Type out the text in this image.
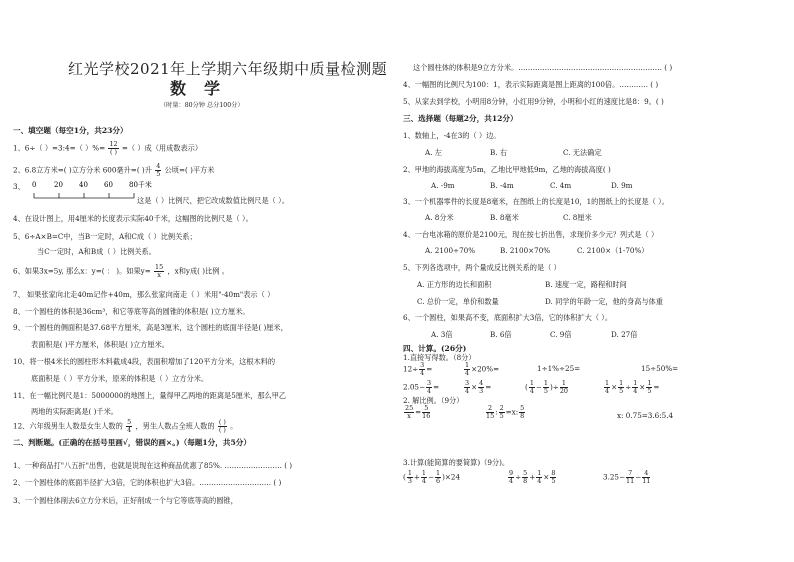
红光学校2021年上学期六年级期中质量检测题
数学
（时量：80分钟 总分100分）
一、填空题（每空1分，共23分）
1、6÷（ ）=3:4=（ ）%= $\frac{12}{( )}$ =（ ）成（用成数表示）
2、6.8立方米=( )立方分米 600毫升=( )升 $\frac{4}{5}$ 公顷=( )平方米
3、 0	20 40 60 80千米
这是（ ）比例尺，把它改成数值比例尺是（ ）。
4、在设计图上，用4厘米的长度表示实际40千米，这幅图的比例尺是（ ）。
5、6÷A×B=C中，当B一定时，A和C成（ ）比例关系；
当C一定时，A和B成（ ）比例关系。
6、如果3x=5y, 那么x：y=( ： )。如果$y= \frac{15}{x}$ ，x和y成( )比例 。
7、 如果张家向北走40m记作+40m，那么张家向南走（ ）米用"-40m"表示（ ）
8、一个圆柱的体积是36cm³，和它等底等高的圆锥的体积是( )立方厘米。
9、一个圆柱的侧面积是37.68平方厘米，高是3厘米，这个圆柱的底面半径是( )厘米，
表面积是( )平方厘米，体积是( )立方厘米。
10、将一根4米长的圆柱形木料截成4段，表面积增加了120平方分米，这根木料的
底面积是（ ）平方分米，原来的体积是（ ）立方分米。
11、在一幅比例尺是1：5000000的地图上，量得甲乙两地的距离是5厘米，那么甲乙
两地的实际距离是( )千米。
12、六年级男生人数是女生人数的 $\frac{5}{4}$ ，男生人数占全班人数的 $\frac{( )}{( )}$ 。
二、判断题。(正确的在括号里画√，错误的画×。)（每题1分，共5分）
1、一种商品打"八五折"出售，也就是说现在这种商品优惠了85%. …………………… ( )
2、一个圆柱体的底面半径扩大3倍，它的体积也扩大3倍。………………………… ( )
3、一个圆柱体削去6立方分米后，正好削成一个与它等底等高的圆锥，
这个圆柱体的体积是9立方分米。…………………………………………………… ( )
4、一幅图的比例尺为100：1，表示实际距离是图上距离的100倍。………… ( )
5、从家去到学校，小明用8分钟，小红用9分钟，小明和小红的速度比是8：9。( )
三、选择题（每题2分，共12分）
1、数轴上，-4在3的（ ）边。
A. 左	B. 右	C. 无法确定
2、甲地的海拔高度为5m，乙地比甲地低9m，乙地的海拔高度( )
A. -9m	B. -4m	C. 4m	D. 9m
3、一个机器零件的长度是8毫米，在图纸上的长度是10，1的图纸上的长度是（ ）。
A. 8分米	B. 8毫米	C. 8厘米
4、一台电冰箱的原价是2100元，现在按七折出售，求现价多少元？列式是（ ）
A. 2100÷70%	B. 2100×70%	C. 2100×（1-70%）
5、下列各选项中，两个量成反比例关系的是（ ）
A. 正方形的边长和面积	B. 速度一定，路程和时间
C. 总价一定，单价和数量	D. 同学的年龄一定，他的身高与体重
6、一个圆柱，如果高不变，底面积扩大3倍，它的体积扩大（ ）。
A. 3倍	B. 6倍	C. 9倍	D. 27倍
四、计算。(26分)
1.直接写得数。（8分）
$12\div \frac{3}{4}$ =	$\frac{1}{4} \times 20\%=$	1÷1%÷25=	15÷50%=
$2.05- \frac{3}{4}$ =	$\frac{3}{4} \times \frac{4}{3}$ =	( $\frac{1}{4} - \frac{1}{5}$ )÷ $\frac{1}{20}$	$\frac{1}{4} \times \frac{1}{5} \div \frac{1}{4} \times \frac{1}{5}$ =
2. 解比例。（9分）
$\frac{25}{x} = \frac{5}{16}$	$\frac{2}{15}$ : $\frac{2}{5} =x$: $\frac{5}{8}$	x: 0.75=3.6:5.4
3.计算(能简算的要简算)（9分)。
( $\frac{1}{3} + \frac{1}{4} - \frac{1}{6} )\times 24$	$\frac{9}{4} \div \frac{5}{8} + \frac{1}{4} \times \frac{8}{5}$	$3.25- \frac{7}{11} - \frac{4}{11}$
